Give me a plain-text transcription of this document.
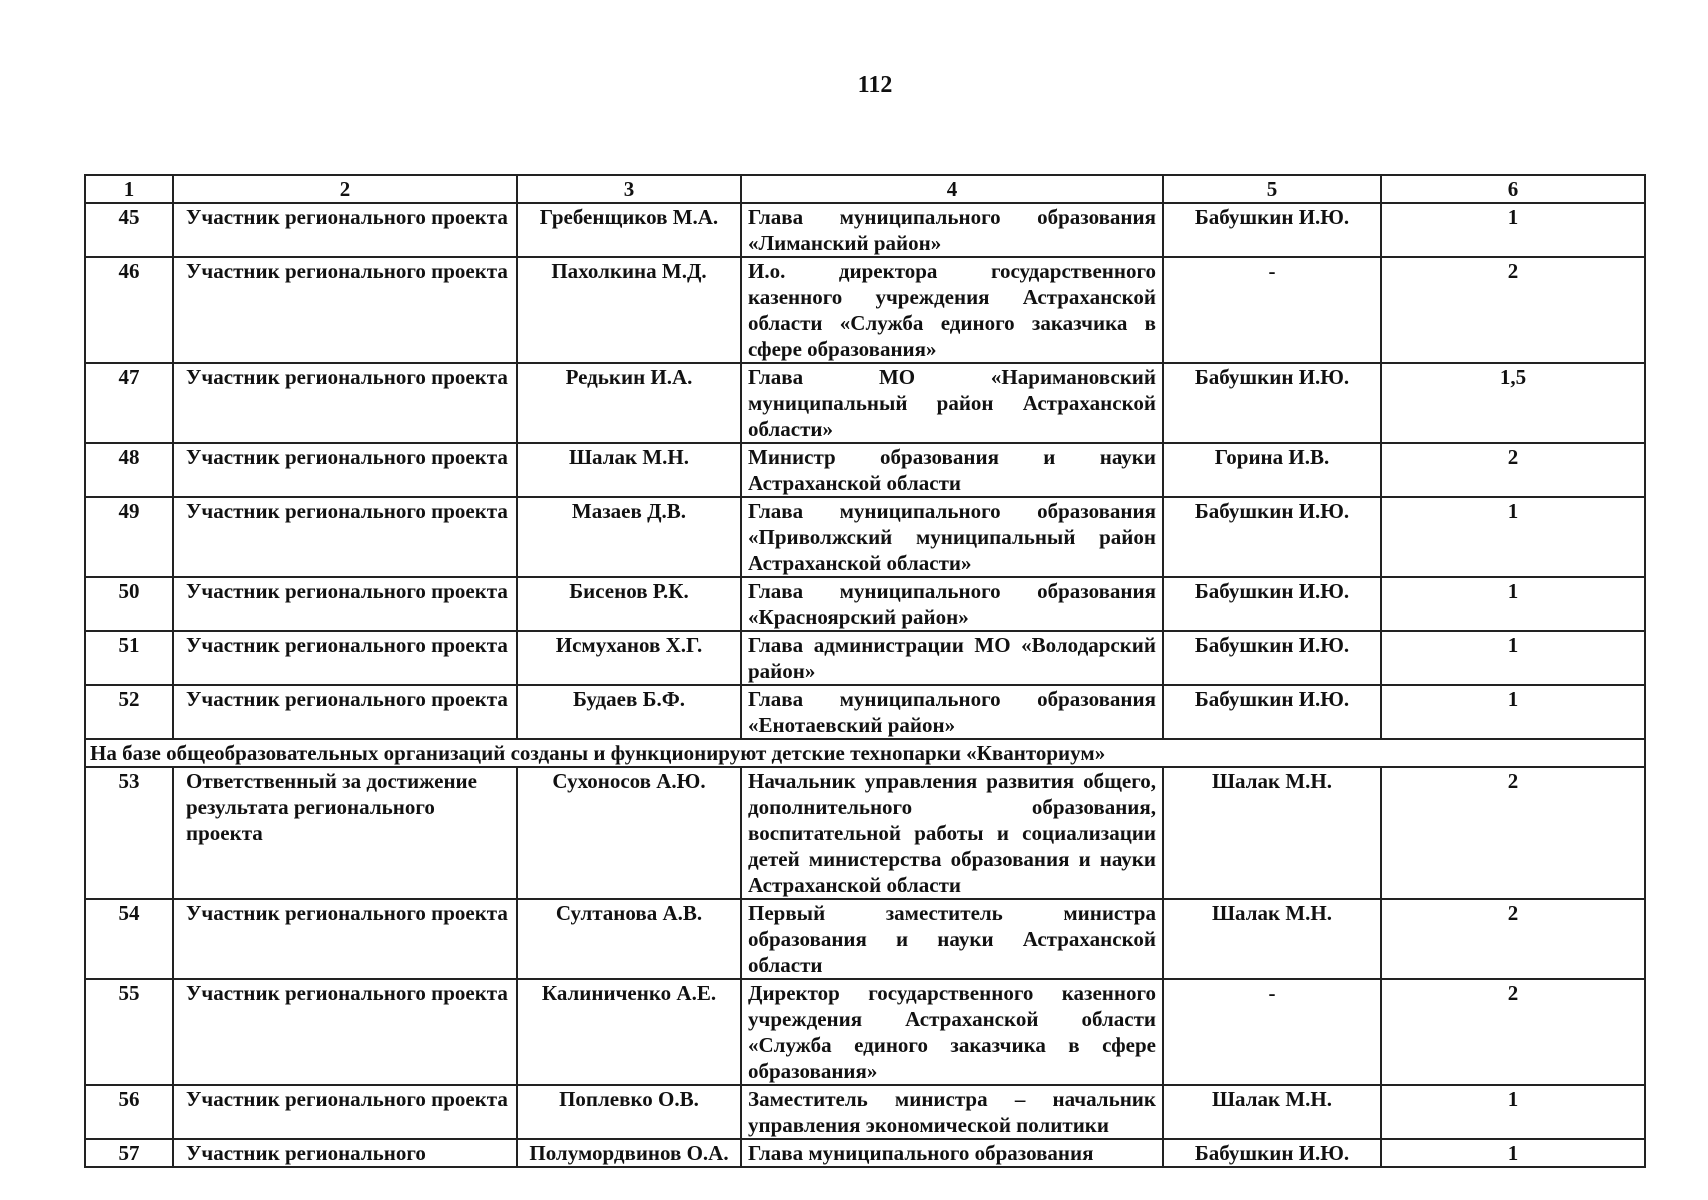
112
1	2	3	4	5	6
45	Участник регионального проекта	Гребенщиков М.А.	Глава муниципального образования «Лиманский район»	Бабушкин И.Ю.	1
46	Участник регионального проекта	Пахолкина М.Д.	И.о. директора государственного казенного учреждения Астраханской области «Служба единого заказчика в сфере образования»	-	2
47	Участник регионального проекта	Редькин И.А.	Глава МО «Наримановский муниципальный район Астраханской области»	Бабушкин И.Ю.	1,5
48	Участник регионального проекта	Шалак М.Н.	Министр образования и науки Астраханской области	Горина И.В.	2
49	Участник регионального проекта	Мазаев Д.В.	Глава муниципального образования «Приволжский муниципальный район Астраханской области»	Бабушкин И.Ю.	1
50	Участник регионального проекта	Бисенов Р.К.	Глава муниципального образования «Красноярский район»	Бабушкин И.Ю.	1
51	Участник регионального проекта	Исмуханов Х.Г.	Глава администрации МО «Володарский район»	Бабушкин И.Ю.	1
52	Участник регионального проекта	Будаев Б.Ф.	Глава муниципального образования «Енотаевский район»	Бабушкин И.Ю.	1
На базе общеобразовательных организаций созданы и функционируют детские технопарки «Кванториум»					
53	Ответственный за достижение результата регионального проекта	Сухоносов А.Ю.	Начальник управления развития общего, дополнительного образования, воспитательной работы и социализации детей министерства образования и науки Астраханской области	Шалак М.Н.	2
54	Участник регионального проекта	Султанова А.В.	Первый заместитель министра образования и науки Астраханской области	Шалак М.Н.	2
55	Участник регионального проекта	Калиниченко А.Е.	Директор государственного казенного учреждения Астраханской области «Служба единого заказчика в сфере образования»	-	2
56	Участник регионального проекта	Поплевко О.В.	Заместитель министра – начальник управления экономической политики	Шалак М.Н.	1
57	Участник регионального	Полумордвинов О.А.	Глава муниципального образования	Бабушкин И.Ю.	1
